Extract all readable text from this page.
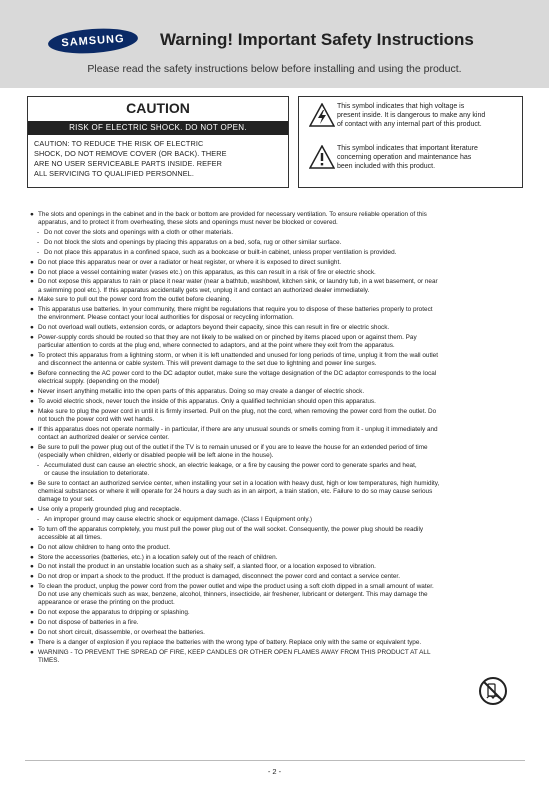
SAMSUNG	Warning! Important Safety Instructions
Please read the safety instructions below before installing and using the product.
CAUTION
RISK OF ELECTRIC SHOCK. DO NOT OPEN.
CAUTION: TO REDUCE THE RISK OF ELECTRIC
SHOCK, DO NOT REMOVE COVER (OR BACK). THERE
ARE NO USER SERVICEABLE PARTS INSIDE. REFER
ALL SERVICING TO QUALIFIED PERSONNEL.
This symbol indicates that high voltage is
present inside. It is dangerous to make any kind
of contact with any internal part of this product.
This symbol indicates that important literature
concerning operation and maintenance has
been included with this product.
● The slots and openings in the cabinet and in the back or bottom are provided for necessary ventilation. To ensure reliable operation of this
apparatus, and to protect it from overheating, these slots and openings must never be blocked or covered.
- Do not cover the slots and openings with a cloth or other materials.
- Do not block the slots and openings by placing this apparatus on a bed, sofa, rug or other similar surface.
- Do not place this apparatus in a confined space, such as a bookcase or built-in cabinet, unless proper ventilation is provided.
● Do not place this apparatus near or over a radiator or heat register, or where it is exposed to direct sunlight.
● Do not place a vessel containing water (vases etc.) on this apparatus, as this can result in a risk of fire or electric shock.
● Do not expose this apparatus to rain or place it near water (near a bathtub, washbowl, kitchen sink, or laundry tub, in a wet basement, or near
a swimming pool etc.). If this apparatus accidentally gets wet, unplug it and contact an authorized dealer immediately.
● Make sure to pull out the power cord from the outlet before cleaning.
● This apparatus use batteries. In your community, there might be regulations that require you to dispose of these batteries properly to protect
the environment. Please contact your local authorities for disposal or recycling information.
● Do not overload wall outlets, extension cords, or adaptors beyond their capacity, since this can result in fire or electric shock.
● Power-supply cords should be routed so that they are not likely to be walked on or pinched by items placed upon or against them. Pay
particular attention to cords at the plug end, where connected to adaptors, and at the point where they exit from the apparatus.
● To protect this apparatus from a lightning storm, or when it is left unattended and unused for long periods of time, unplug it from the wall outlet
and disconnect the antenna or cable system. This will prevent damage to the set due to lightning and power line surges.
● Before connecting the AC power cord to the DC adaptor outlet, make sure the voltage designation of the DC adaptor corresponds to the local
electrical supply. (depending on the model)
● Never insert anything metallic into the open parts of this apparatus. Doing so may create a danger of electric shock.
● To avoid electric shock, never touch the inside of this apparatus. Only a qualified technician should open this apparatus.
● Make sure to plug the power cord in until it is firmly inserted. Pull on the plug, not the cord, when removing the power cord from the outlet. Do
not touch the power cord with wet hands.
● If this apparatus does not operate normally - in particular, if there are any unusual sounds or smells coming from it - unplug it immediately and
contact an authorized dealer or service center.
● Be sure to pull the power plug out of the outlet if the TV is to remain unused or if you are to leave the house for an extended period of time
(especially when children, elderly or disabled people will be left alone in the house).
- Accumulated dust can cause an electric shock, an electric leakage, or a fire by causing the power cord to generate sparks and heat,
or cause the insulation to deteriorate.
● Be sure to contact an authorized service center, when installing your set in a location with heavy dust, high or low temperatures, high humidity,
chemical substances or where it will operate for 24 hours a day such as in an airport, a train station, etc. Failure to do so may cause serious
damage to your set.
● Use only a properly grounded plug and receptacle.
- An improper ground may cause electric shock or equipment damage. (Class I Equipment only.)
● To turn off the apparatus completely, you must pull the power plug out of the wall socket. Consequently, the power plug should be readily
accessible at all times.
● Do not allow children to hang onto the product.
● Store the accessories (batteries, etc.) in a location safely out of the reach of children.
● Do not install the product in an unstable location such as a shaky self, a slanted floor, or a location exposed to vibration.
● Do not drop or impart a shock to the product. If the product is damaged, disconnect the power cord and contact a service center.
● To clean the product, unplug the power cord from the power outlet and wipe the product using a soft cloth dipped in a small amount of water.
Do not use any chemicals such as wax, benzene, alcohol, thinners, insecticide, air freshener, lubricant or detergent. This may damage the
appearance or erase the printing on the product.
● Do not expose the apparatus to dripping or splashing.
● Do not dispose of batteries in a fire.
● Do not short circuit, disassemble, or overheat the batteries.
● There is a danger of explosion if you replace the batteries with the wrong type of battery. Replace only with the same or equivalent type.
● WARNING - TO PREVENT THE SPREAD OF FIRE, KEEP CANDLES OR OTHER OPEN FLAMES AWAY FROM THIS PRODUCT AT ALL
TIMES.
- 2 -
